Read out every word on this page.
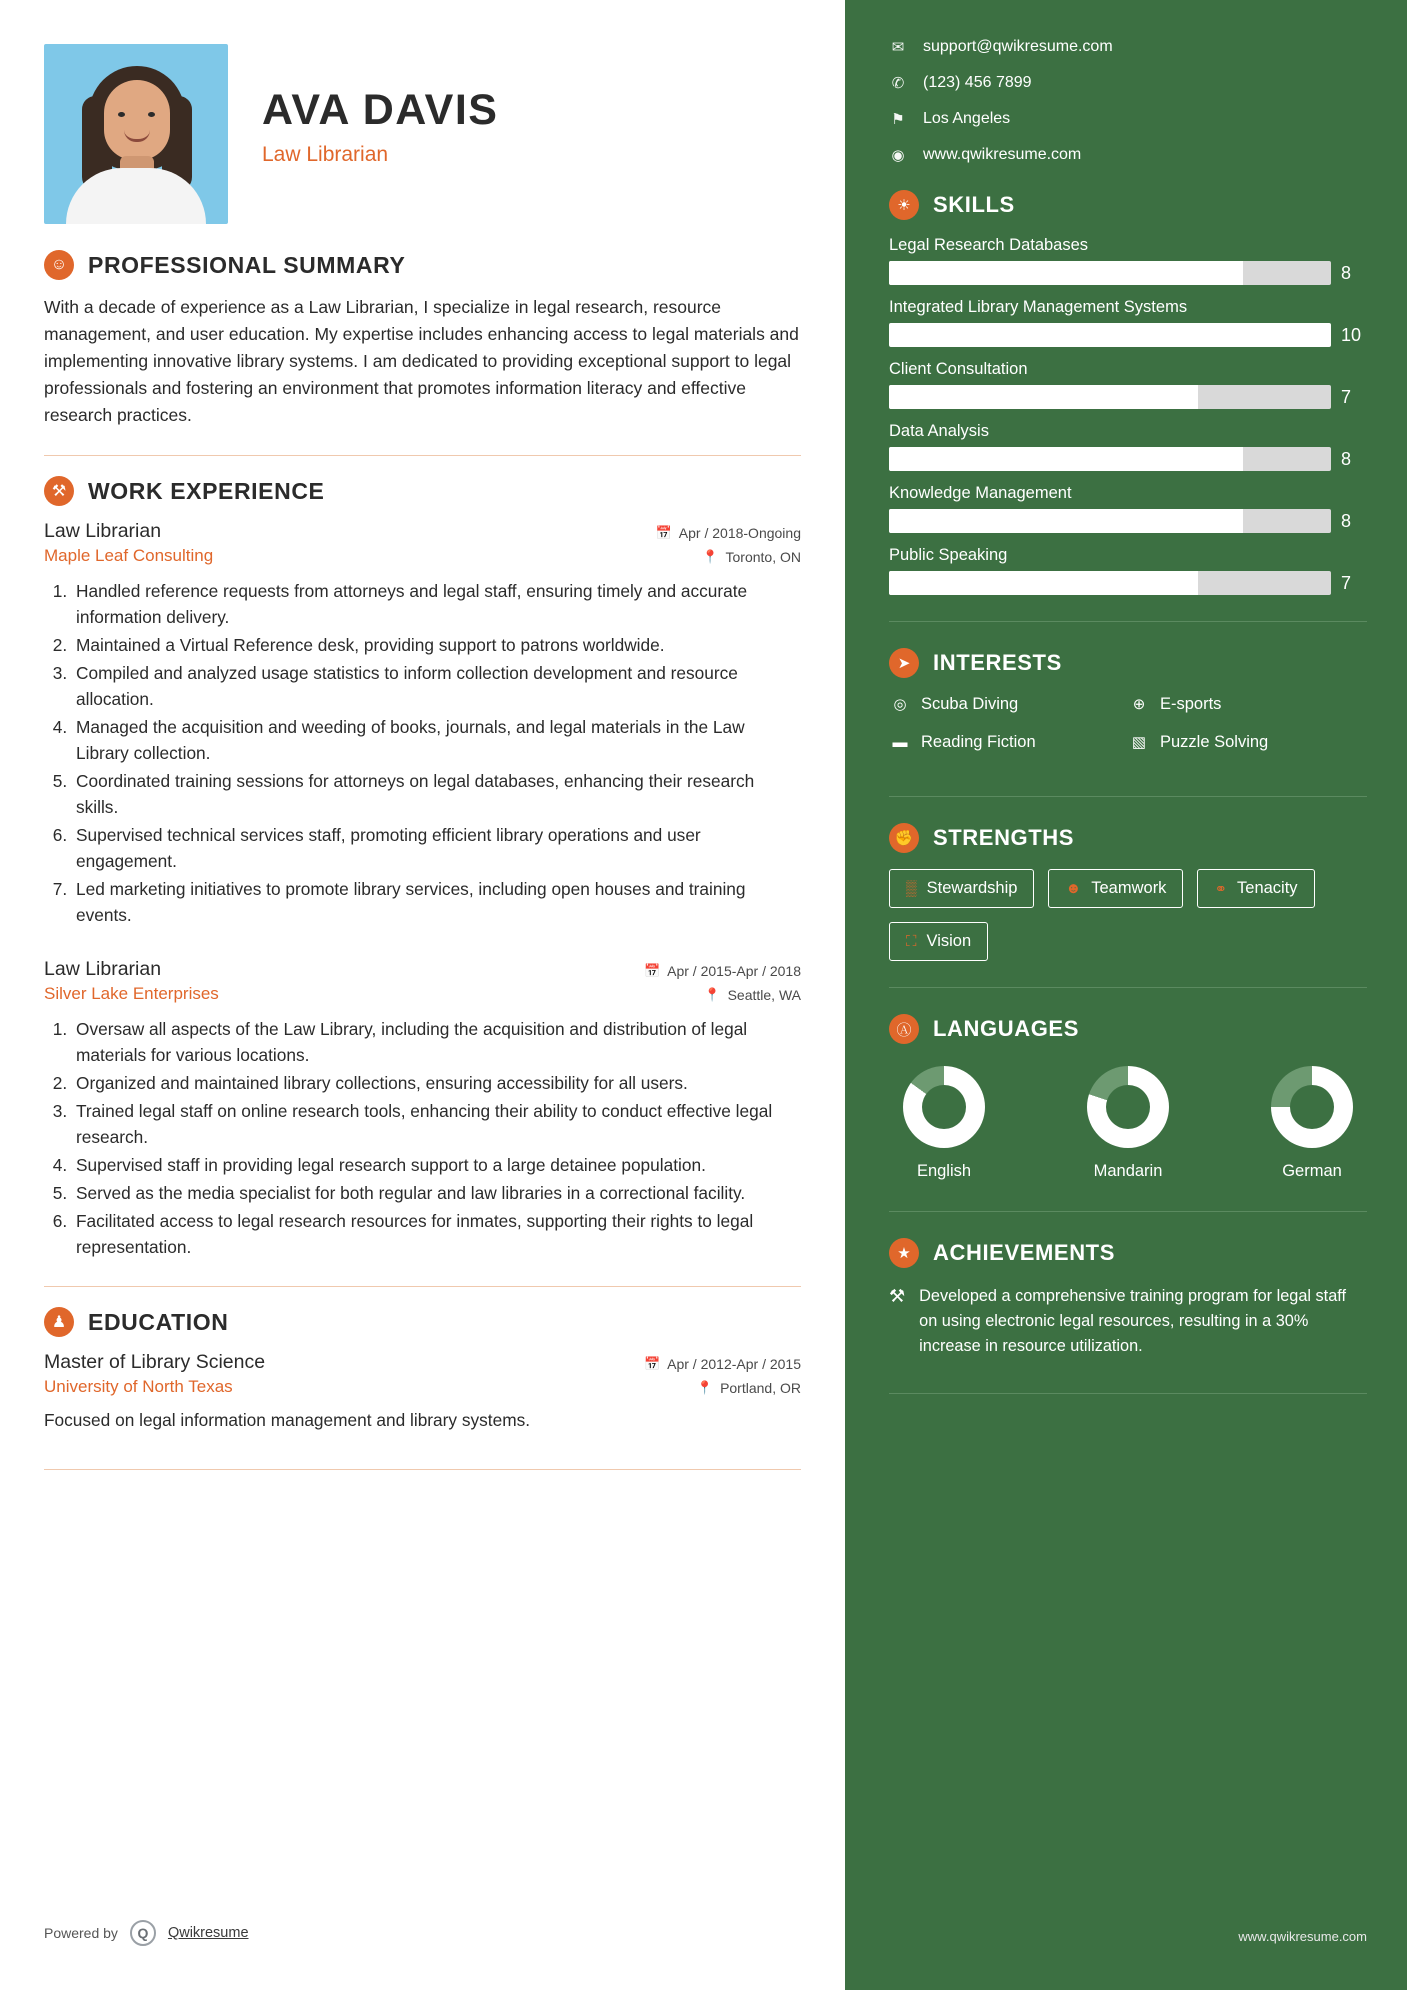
AVA DAVIS
Law Librarian
☺ PROFESSIONAL SUMMARY
With a decade of experience as a Law Librarian, I specialize in legal research, resource management, and user education. My expertise includes enhancing access to legal materials and implementing innovative library systems. I am dedicated to providing exceptional support to legal professionals and fostering an environment that promotes information literacy and effective research practices.
⚒ WORK EXPERIENCE
Law Librarian	📅 Apr / 2018-Ongoing
Maple Leaf Consulting	📍 Toronto, ON
1. Handled reference requests from attorneys and legal staff, ensuring timely and accurate information delivery.
2. Maintained a Virtual Reference desk, providing support to patrons worldwide.
3. Compiled and analyzed usage statistics to inform collection development and resource allocation.
4. Managed the acquisition and weeding of books, journals, and legal materials in the Law Library collection.
5. Coordinated training sessions for attorneys on legal databases, enhancing their research skills.
6. Supervised technical services staff, promoting efficient library operations and user engagement.
7. Led marketing initiatives to promote library services, including open houses and training events.
Law Librarian	📅 Apr / 2015-Apr / 2018
Silver Lake Enterprises	📍 Seattle, WA
1. Oversaw all aspects of the Law Library, including the acquisition and distribution of legal materials for various locations.
2. Organized and maintained library collections, ensuring accessibility for all users.
3. Trained legal staff on online research tools, enhancing their ability to conduct effective legal research.
4. Supervised staff in providing legal research support to a large detainee population.
5. Served as the media specialist for both regular and law libraries in a correctional facility.
6. Facilitated access to legal research resources for inmates, supporting their rights to legal representation.
♟ EDUCATION
Master of Library Science	📅 Apr / 2012-Apr / 2015
University of North Texas	📍 Portland, OR
Focused on legal information management and library systems.
Powered by	Q	Qwikresume
✉ support@qwikresume.com
✆ (123) 456 7899
⚑ Los Angeles
◉ www.qwikresume.com
☀	SKILLS
Legal Research Databases
8
Integrated Library Management Systems
10
Client Consultation
7
Data Analysis
8
Knowledge Management
8
Public Speaking
7
➤	INTERESTS
◎ Scuba Diving	⊕ E-sports
▬ Reading Fiction	▧ Puzzle Solving
✊ STRENGTHS
▒ Stewardship	☻ Teamwork	⚭ Tenacity
⛶ Vision
Ⓐ LANGUAGES
English	Mandarin	German
★	ACHIEVEMENTS
⚒ Developed a comprehensive training program for legal staff on using electronic legal resources, resulting in a 30% increase in resource utilization.
www.qwikresume.com
